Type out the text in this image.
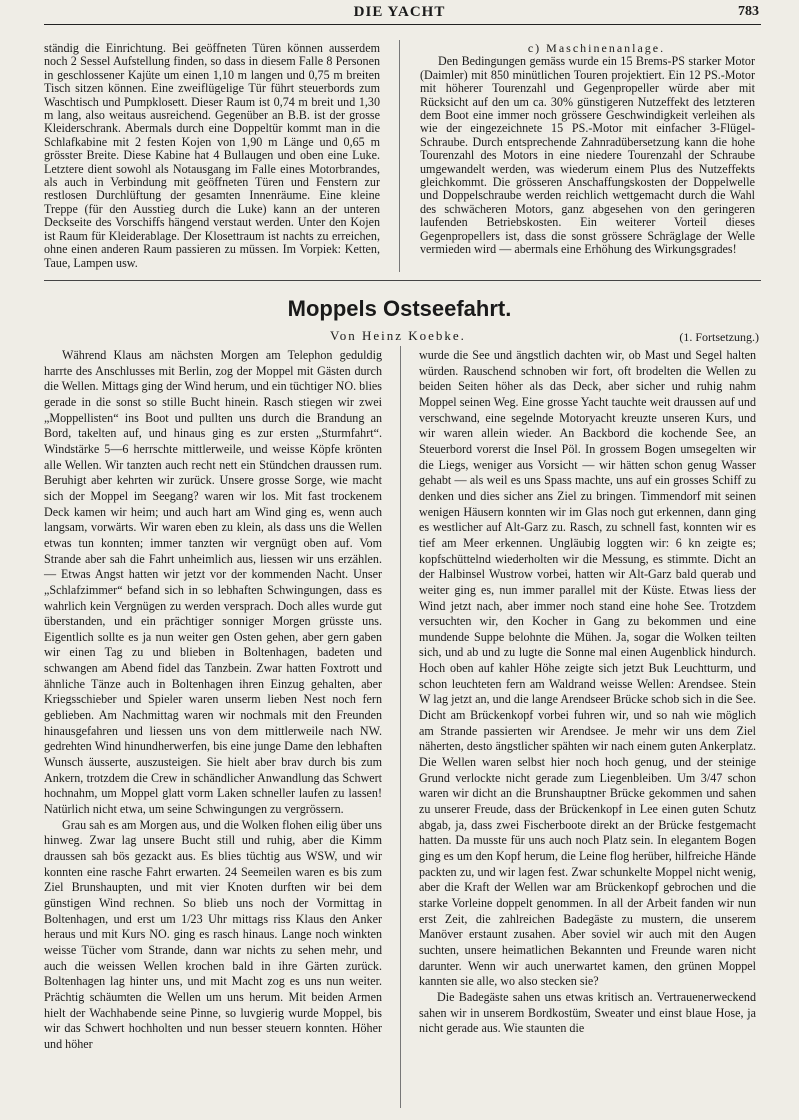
DIE YACHT	783

ständig die Einrichtung. Bei geöffneten Türen können ausserdem noch 2 Sessel Aufstellung finden, so dass in diesem Falle 8 Personen in geschlossener Kajüte um einen 1,10 m langen und 0,75 m breiten Tisch sitzen können. Eine zweiflügelige Tür führt steuerbords zum Waschtisch und Pumpklosett. Dieser Raum ist 0,74 m breit und 1,30 m lang, also weitaus ausreichend. Gegenüber an B.B. ist der grosse Kleiderschrank. Abermals durch eine Doppeltür kommt man in die Schlafkabine mit 2 festen Kojen von 1,90 m Länge und 0,65 m grösster Breite. Diese Kabine hat 4 Bullaugen und oben eine Luke. Letztere dient sowohl als Notausgang im Falle eines Motorbrandes, als auch in Verbindung mit geöffneten Türen und Fenstern zur restlosen Durchlüftung der gesamten Innenräume. Eine kleine Treppe (für den Ausstieg durch die Luke) kann an der unteren Deckseite des Vorschiffs hängend verstaut werden. Unter den Kojen ist Raum für Kleiderablage. Der Klosettraum ist nachts zu erreichen, ohne einen anderen Raum passieren zu müssen. Im Vorpiek: Ketten, Taue, Lampen usw.

c) Maschinenanlage.

Den Bedingungen gemäss wurde ein 15 Brems-PS starker Motor (Daimler) mit 850 minütlichen Touren projektiert. Ein 12 PS.-Motor mit höherer Tourenzahl und Gegenpropeller würde aber mit Rücksicht auf den um ca. 30% günstigeren Nutzeffekt des letzteren dem Boot eine immer noch grössere Geschwindigkeit verleihen als wie der eingezeichnete 15 PS.-Motor mit einfacher 3-Flügel-Schraube. Durch entsprechende Zahnradübersetzung kann die hohe Tourenzahl des Motors in eine niedere Tourenzahl der Schraube umgewandelt werden, was wiederum einem Plus des Nutzeffekts gleichkommt. Die grösseren Anschaffungskosten der Doppelwelle und Doppelschraube werden reichlich wettgemacht durch die Wahl des schwächeren Motors, ganz abgesehen von den geringeren laufenden Betriebskosten. Ein weiterer Vorteil dieses Gegenpropellers ist, dass die sonst grössere Schräglage der Welle vermieden wird — abermals eine Erhöhung des Wirkungsgrades!

Moppels Ostseefahrt.
Von Heinz Koebke.	(1. Fortsetzung.)

Während Klaus am nächsten Morgen am Telephon geduldig harrte des Anschlusses mit Berlin, zog der Moppel mit Gästen durch die Wellen. Mittags ging der Wind herum, und ein tüchtiger NO. blies gerade in die sonst so stille Bucht hinein. Rasch stiegen wir zwei „Moppellisten“ ins Boot und pullten uns durch die Brandung an Bord, takelten auf, und hinaus ging es zur ersten „Sturmfahrt“. Windstärke 5—6 herrschte mittlerweile, und weisse Köpfe krönten alle Wellen. Wir tanzten auch recht nett ein Stündchen draussen rum. Beruhigt aber kehrten wir zurück. Unsere grosse Sorge, wie macht sich der Moppel im Seegang? waren wir los. Mit fast trockenem Deck kamen wir heim; und auch hart am Wind ging es, wenn auch langsam, vorwärts. Wir waren eben zu klein, als dass uns die Wellen etwas tun konnten; immer tanzten wir vergnügt oben auf. Vom Strande aber sah die Fahrt unheimlich aus, liessen wir uns erzählen. — Etwas Angst hatten wir jetzt vor der kommenden Nacht. Unser „Schlafzimmer“ befand sich in so lebhaften Schwingungen, dass es wahrlich kein Vergnügen zu werden versprach. Doch alles wurde gut überstanden, und ein prächtiger sonniger Morgen grüsste uns. Eigentlich sollte es ja nun weiter gen Osten gehen, aber gern gaben wir einen Tag zu und blieben in Boltenhagen, badeten und schwangen am Abend fidel das Tanzbein. Zwar hatten Foxtrott und ähnliche Tänze auch in Boltenhagen ihren Einzug gehalten, aber Kriegsschieber und Spieler waren unserm lieben Nest noch fern geblieben. Am Nachmittag waren wir nochmals mit den Freunden hinausgefahren und liessen uns von dem mittlerweile nach NW. gedrehten Wind hinundherwerfen, bis eine junge Dame den lebhaften Wunsch äusserte, auszusteigen. Sie hielt aber brav durch bis zum Ankern, trotzdem die Crew in schändlicher Anwandlung das Schwert hochnahm, um Moppel glatt vorm Laken schneller laufen zu lassen! Natürlich nicht etwa, um seine Schwingungen zu vergrössern.

Grau sah es am Morgen aus, und die Wolken flohen eilig über uns hinweg. Zwar lag unsere Bucht still und ruhig, aber die Kimm draussen sah bös gezackt aus. Es blies tüchtig aus WSW, und wir konnten eine rasche Fahrt erwarten. 24 Seemeilen waren es bis zum Ziel Brunshaupten, und mit vier Knoten durften wir bei dem günstigen Wind rechnen. So blieb uns noch der Vormittag in Boltenhagen, und erst um 1/23 Uhr mittags riss Klaus den Anker heraus und mit Kurs NO. ging es rasch hinaus. Lange noch winkten weisse Tücher vom Strande, dann war nichts zu sehen mehr, und auch die weissen Wellen krochen bald in ihre Gärten zurück. Boltenhagen lag hinter uns, und mit Macht zog es uns nun weiter. Prächtig schäumten die Wellen um uns herum. Mit beiden Armen hielt der Wachhabende seine Pinne, so luvgierig wurde Moppel, bis wir das Schwert hochholten und nun besser steuern konnten. Höher und höher

wurde die See und ängstlich dachten wir, ob Mast und Segel halten würden. Rauschend schnoben wir fort, oft brodelten die Wellen zu beiden Seiten höher als das Deck, aber sicher und ruhig nahm Moppel seinen Weg. Eine grosse Yacht tauchte weit draussen auf und verschwand, eine segelnde Motoryacht kreuzte unseren Kurs, und wir waren allein wieder. An Backbord die kochende See, an Steuerbord vorerst die Insel Pöl. In grossem Bogen umsegelten wir die Liegs, weniger aus Vorsicht — wir hätten schon genug Wasser gehabt — als weil es uns Spass machte, uns auf ein grosses Schiff zu denken und dies sicher ans Ziel zu bringen. Timmendorf mit seinen wenigen Häusern konnten wir im Glas noch gut erkennen, dann ging es westlicher auf Alt-Garz zu. Rasch, zu schnell fast, konnten wir es tief am Meer erkennen. Ungläubig loggten wir: 6 kn zeigte es; kopfschüttelnd wiederholten wir die Messung, es stimmte. Dicht an der Halbinsel Wustrow vorbei, hatten wir Alt-Garz bald querab und weiter ging es, nun immer parallel mit der Küste. Etwas liess der Wind jetzt nach, aber immer noch stand eine hohe See. Trotzdem versuchten wir, den Kocher in Gang zu bekommen und eine mundende Suppe belohnte die Mühen. Ja, sogar die Wolken teilten sich, und ab und zu lugte die Sonne mal einen Augenblick hindurch. Hoch oben auf kahler Höhe zeigte sich jetzt Buk Leuchtturm, und schon leuchteten fern am Waldrand weisse Wellen: Arendsee. Stein W lag jetzt an, und die lange Arendseer Brücke schob sich in die See. Dicht am Brückenkopf vorbei fuhren wir, und so nah wie möglich am Strande passierten wir Arendsee. Je mehr wir uns dem Ziel näherten, desto ängstlicher spähten wir nach einem guten Ankerplatz. Die Wellen waren selbst hier noch hoch genug, und der steinige Grund verlockte nicht gerade zum Liegenbleiben. Um 3/47 schon waren wir dicht an die Brunshauptner Brücke gekommen und sahen zu unserer Freude, dass der Brückenkopf in Lee einen guten Schutz abgab, ja, dass zwei Fischerboote direkt an der Brücke festgemacht hatten. Da musste für uns auch noch Platz sein. In elegantem Bogen ging es um den Kopf herum, die Leine flog herüber, hilfreiche Hände packten zu, und wir lagen fest. Zwar schunkelte Moppel nicht wenig, aber die Kraft der Wellen war am Brückenkopf gebrochen und die starke Vorleine doppelt genommen. In all der Arbeit fanden wir nun erst Zeit, die zahlreichen Badegäste zu mustern, die unserem Manöver erstaunt zusahen. Aber soviel wir auch mit den Augen suchten, unsere heimatlichen Bekannten und Freunde waren nicht darunter. Wenn wir auch unerwartet kamen, den grünen Moppel kannten sie alle, wo also stecken sie?

Die Badegäste sahen uns etwas kritisch an. Vertrauenerweckend sahen wir in unserem Bordkostüm, Sweater und einst blaue Hose, ja nicht gerade aus. Wie staunten die
